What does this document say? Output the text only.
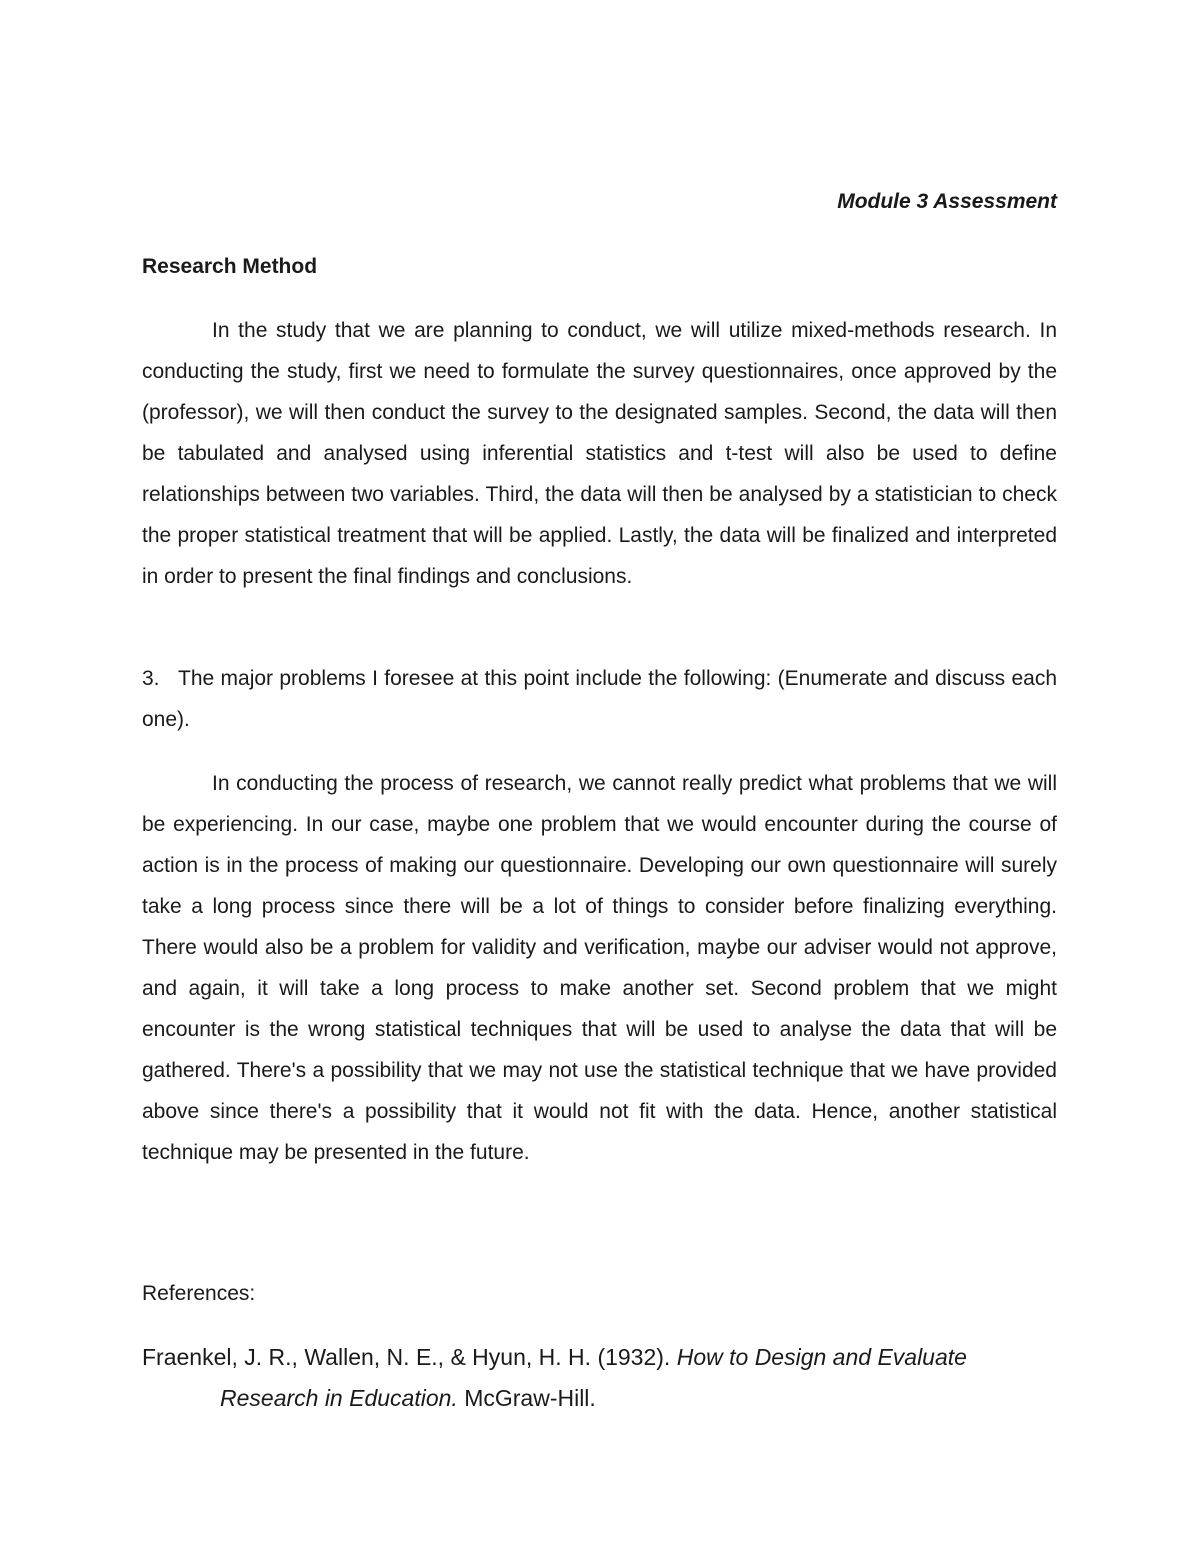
Module 3 Assessment

Research Method

In the study that we are planning to conduct, we will utilize mixed-methods research. In conducting the study, first we need to formulate the survey questionnaires, once approved by the (professor), we will then conduct the survey to the designated samples. Second, the data will then be tabulated and analysed using inferential statistics and t-test will also be used to define relationships between two variables. Third, the data will then be analysed by a statistician to check the proper statistical treatment that will be applied. Lastly, the data will be finalized and interpreted in order to present the final findings and conclusions.

3. The major problems I foresee at this point include the following: (Enumerate and discuss each one).

In conducting the process of research, we cannot really predict what problems that we will be experiencing. In our case, maybe one problem that we would encounter during the course of action is in the process of making our questionnaire. Developing our own questionnaire will surely take a long process since there will be a lot of things to consider before finalizing everything. There would also be a problem for validity and verification, maybe our adviser would not approve, and again, it will take a long process to make another set. Second problem that we might encounter is the wrong statistical techniques that will be used to analyse the data that will be gathered. There's a possibility that we may not use the statistical technique that we have provided above since there's a possibility that it would not fit with the data. Hence, another statistical technique may be presented in the future.

References:

Fraenkel, J. R., Wallen, N. E., & Hyun, H. H. (1932). How to Design and Evaluate Research in Education. McGraw-Hill.
